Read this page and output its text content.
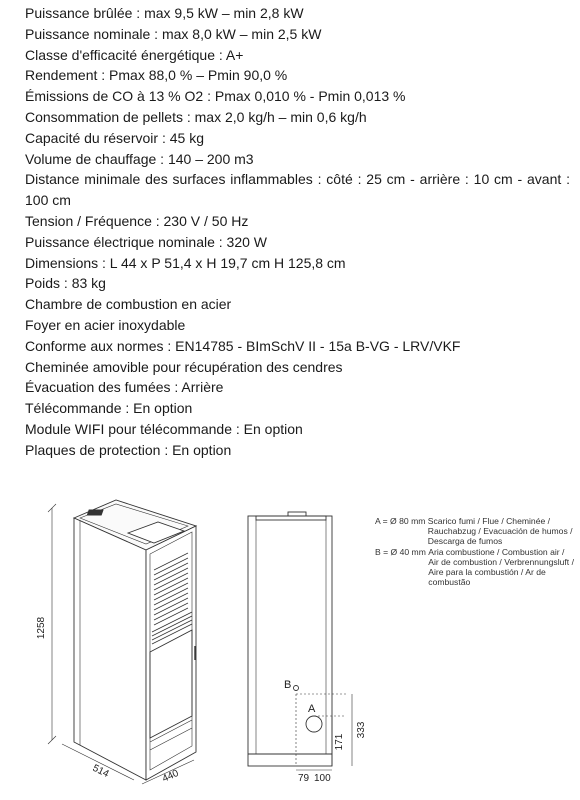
Puissance brûlée : max 9,5 kW – min 2,8 kW
Puissance nominale : max 8,0 kW – min 2,5 kW
Classe d'efficacité énergétique : A+
Rendement : Pmax 88,0 % – Pmin 90,0 %
Émissions de CO à 13 % O2 : Pmax 0,010 % - Pmin 0,013 %
Consommation de pellets : max 2,0 kg/h – min 0,6 kg/h
Capacité du réservoir : 45 kg
Volume de chauffage : 140 – 200 m3
Distance minimale des surfaces inflammables : côté : 25 cm - arrière : 10 cm - avant : 100 cm
Tension / Fréquence : 230 V / 50 Hz
Puissance électrique nominale : 320 W
Dimensions : L 44 x P 51,4 x H 19,7 cm H 125,8 cm
Poids : 83 kg
Chambre de combustion en acier
Foyer en acier inoxydable
Conforme aux normes : EN14785 - BImSchV II - 15a B-VG - LRV/VKF
Cheminée amovible pour récupération des cendres
Évacuation des fumées : Arrière
Télécommande : En option
Module WIFI pour télécommande : En option
Plaques de protection : En option
1258
514	440
B
A
333
171
79 100
A = Ø 80 mm
Scarico fumi / Flue / Cheminée / Rauchabzug / Evacuación de humos / Descarga de fumos
B = Ø 40 mm
Aria combustione / Combustion air / Air de combustion / Verbrennungsluft / Aire para la combustión / Ar de combustão
